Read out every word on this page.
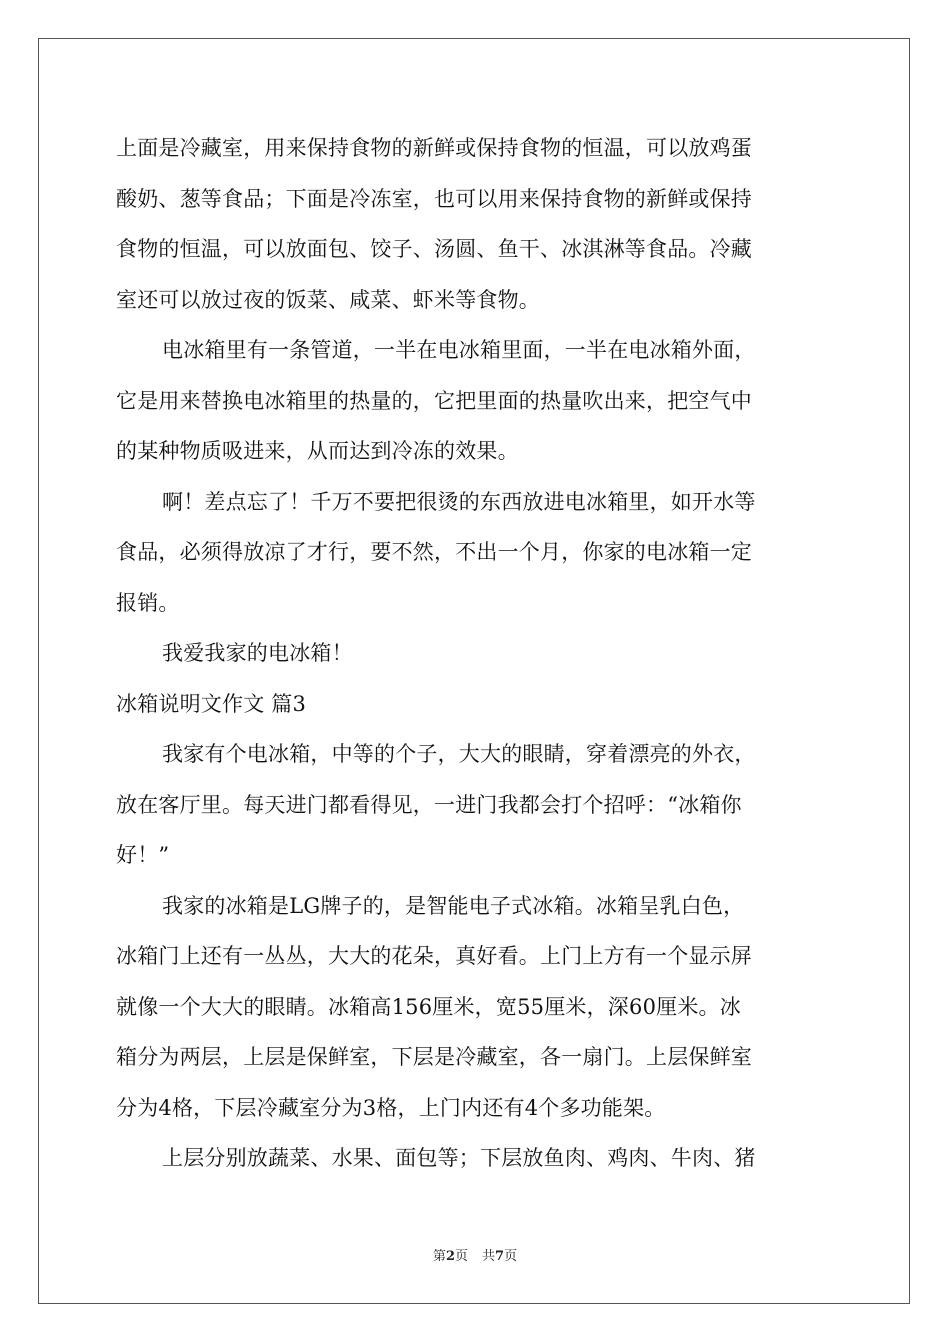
上面是冷藏室，用来保持食物的新鲜或保持食物的恒温，可以放鸡蛋
酸奶、葱等食品；下面是冷冻室，也可以用来保持食物的新鲜或保持
食物的恒温，可以放面包、饺子、汤圆、鱼干、冰淇淋等食品。冷藏
室还可以放过夜的饭菜、咸菜、虾米等食物。
电冰箱里有一条管道，一半在电冰箱里面，一半在电冰箱外面，
它是用来替换电冰箱里的热量的，它把里面的热量吹出来，把空气中
的某种物质吸进来，从而达到冷冻的效果。
啊！差点忘了！千万不要把很烫的东西放进电冰箱里，如开水等
食品，必须得放凉了才行，要不然，不出一个月，你家的电冰箱一定
报销。
我爱我家的电冰箱！
冰箱说明文作文 篇3
我家有个电冰箱，中等的个子，大大的眼睛，穿着漂亮的外衣，
放在客厅里。每天进门都看得见，一进门我都会打个招呼：“冰箱你
好！”
我家的冰箱是LG牌子的，是智能电子式冰箱。冰箱呈乳白色，
冰箱门上还有一丛丛，大大的花朵，真好看。上门上方有一个显示屏
就像一个大大的眼睛。冰箱高156厘米，宽55厘米，深60厘米。冰
箱分为两层，上层是保鲜室，下层是冷藏室，各一扇门。上层保鲜室
分为4格，下层冷藏室分为3格，上门内还有4个多功能架。
上层分别放蔬菜、水果、面包等；下层放鱼肉、鸡肉、牛肉、猪
第2页 共7页
